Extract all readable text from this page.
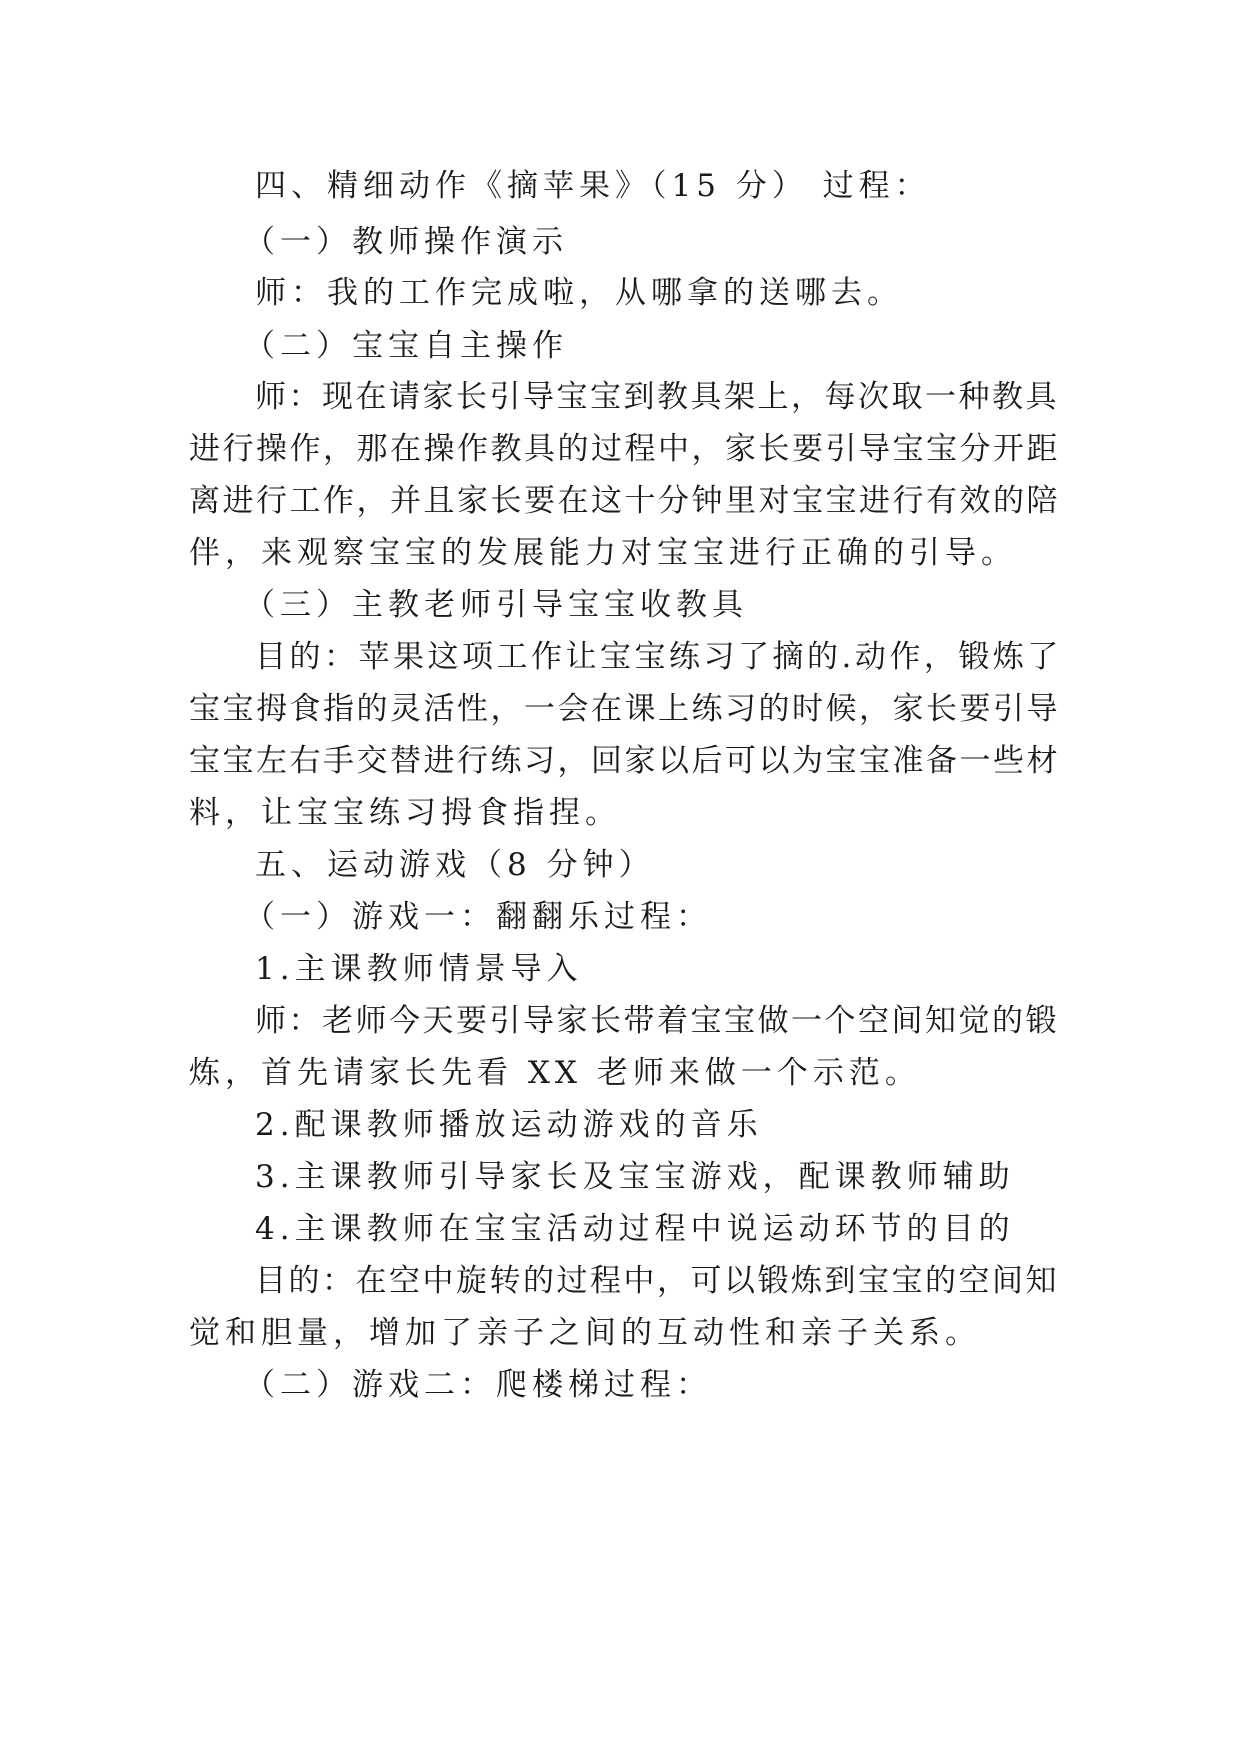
四、精细动作《摘苹果》（15 分） 过程：

（一）教师操作演示

师：我的工作完成啦，从哪拿的送哪去。

（二）宝宝自主操作

师：现在请家长引导宝宝到教具架上，每次取一种教具

进行操作，那在操作教具的过程中，家长要引导宝宝分开距

离进行工作，并且家长要在这十分钟里对宝宝进行有效的陪

伴，来观察宝宝的发展能力对宝宝进行正确的引导。

（三）主教老师引导宝宝收教具

目的：苹果这项工作让宝宝练习了摘的.动作，锻炼了

宝宝拇食指的灵活性，一会在课上练习的时候，家长要引导

宝宝左右手交替进行练习，回家以后可以为宝宝准备一些材

料，让宝宝练习拇食指捏。

五、运动游戏（8 分钟）

（一）游戏一：翻翻乐过程：

1.主课教师情景导入

师：老师今天要引导家长带着宝宝做一个空间知觉的锻

炼，首先请家长先看 XX 老师来做一个示范。

2.配课教师播放运动游戏的音乐

3.主课教师引导家长及宝宝游戏，配课教师辅助

4.主课教师在宝宝活动过程中说运动环节的目的

目的：在空中旋转的过程中，可以锻炼到宝宝的空间知

觉和胆量，增加了亲子之间的互动性和亲子关系。

（二）游戏二：爬楼梯过程：
